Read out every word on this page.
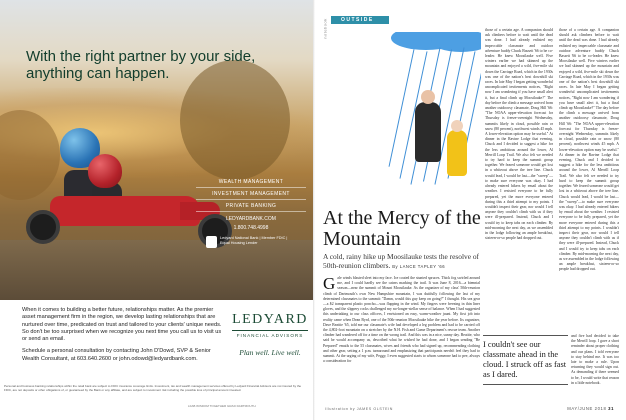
With the right partner by your side, anything can happen.
WEALTH MANAGEMENT
INVESTMENT MANAGEMENT
PRIVATE BANKING
LEDYARDBANK.COM
1.800.748.4998
Ledyard National Bank | Member FDIC | Equal Housing Lender

When it comes to building a better future, relationships matter. As the premier asset management firm in the region, we develop lasting relationships that are nurtured over time, predicated on trust and tailored to your clients' unique needs. So don't be too surprised when we recognize you next time you call us to visit us or send an email.

Schedule a personal consultation by contacting John D'Dowd, SVP & Senior Wealth Consultant, at 603.640.2600 or john.odowd@ledyardbank.com.

LEDYARD
FINANCIAL ADVISORS
Plan well. Live well.
Personal and business banking relationships within the retail bank are subject to FDIC insurance coverage limits. Investment, tax and wealth management services offered by Ledyard Financial Advisors are not insured by the FDIC, are not deposits or other obligations of, or guaranteed by the Bank or any affiliate, and are subject to investment risk including the possible loss of principal amount invested.
LFAB WISDOM TOGETHER GRAD DARTMOUTH
notebook	OUTSIDE
At the Mercy of the Mountain
A cold, rainy hike up Moosilauke tests the resolve of 50th-reunion climbers. By LANCE TAPLEY '66
Gale winds blasted sleet into my face. Ice coated the stunted spruces. Thick fog swirled around me, and I could hardly see the cairns marking the trail. It was June 8, 2016—a biennial season—near the summit of Mount Moosilauke. As the organizer of my class' 50th-reunion climb of Dartmouth's own New Hampshire mountain, I was dutifully following the last of my determined classmates to the summit: "Damn, would this guy keep on going?" I thought. His sea gear—a $2 transparent plastic poncho—was flapping in the wind. My fingers were freezing in thin liner gloves, and the slippery rocks challenged my no-longer-stellar sense of balance. When I had suggested this undertaking to our class officers, I envisioned an easy, warm-weather jaunt. My first job into reality came when Dean Byrd, one of the 50th-reunion Moosilauke hike the year before. Its organizer, Dave Beattie '65, told me our classmate's wife had developed a leg problem and had to be carried off the 4,802-foot mountain on a stretcher by the N.H. Fish and Game Department's rescue team. Another climber had wandered off for a time on the wrong trail. And this was in a nice, sunny day. Beattie, who said he would accompany us, described what he wished he had done, and I began sending "Be Prepared" emails to the 55 classmates, wives and friends who had signed up, recommending clothing and other gear, setting a 1 p.m. turnaround and emphasizing that participants needn't feel they had to summit. At the urging of my wife, Peggy, I even suggested starts to whom someone had to pee, always a consideration for
those of a certain age. A companion should ask climbers before to wait until the dead was done. I had already enlisted my impeccable classmate and outdoor adventure buddy Chuck Bassett '66 to be co-leader. He knew Moosilauke well. Five winters earlier we had skinned up the mountain and enjoyed a wild, five-mile ski down the Carriage Road, which in the 1930s was one of the nation's best downhill ski races. In late May I began getting wonderful uncomplicated invitements notices, "Right now I am wondering if you have small alert it, but a final climb up Moosilauke?" The day before the climb a message arrived from another outdoorsy classmate, Doug Hill '66: "The NOAA upper-elevation forecast for Thursday is freeze-overnight Wednesday, summits likely in cloud, possible rain or snow (80 percent), northwest winds 45 mph. A lower-elevation option may be useful." At dinner in the Ravine Lodge that evening, Chuck and I decided to suggest a hike for the less ambitious around the lower, Al Merrill Loop Trail. We also felt we needed to try hard to keep the summit group together. We feared someone would get lost in a whiteout above the tree line. Chuck would lead, I would be last—the "sweep"—to make sure everyone was okay. I had already entered hikers by email about the weather. I resisted everyone to be fully prepared, yet the more everyone entered during this a third attempt to my points. I wouldn't inspect their gear, nor would I tell anyone they couldn't climb with us if they were ill-prepared. Instead, Chuck and I would try to keep tabs on each climber. By mid-morning the next day, as we assembled in the lodge following an ample breakfast, sixteen-or-so people had dropped out.
those of a certain age. A companion should ask climbers before to wait until the dead was done. I had already enlisted my impeccable classmate and outdoor adventure buddy Chuck Bassett '66 to be co-leader. He knew Moosilauke well. Five winters earlier we had skinned up the mountain and enjoyed a wild, five-mile ski down the Carriage Road, which in the 1930s was one of the nation's best downhill ski races. In late May I began getting wonderful uncomplicated invitements notices, "Right now I am wondering if you have small alert it, but a final climb up Moosilauke?" The day before the climb a message arrived from another outdoorsy classmate, Doug Hill '66: "The NOAA upper-elevation forecast for Thursday is freeze-overnight Wednesday, summits likely in cloud, possible rain or snow (80 percent), northwest winds 45 mph. A lower-elevation option may be useful." At dinner in the Ravine Lodge that evening, Chuck and I decided to suggest a hike for the less ambitious around the lower, Al Merrill Loop Trail. We also felt we needed to try hard to keep the summit group together. We feared someone would get lost in a whiteout above the tree line. Chuck would lead, I would be last—the "sweep"—to make sure everyone was okay. I had already entered hikers by email about the weather. I resisted everyone to be fully prepared, yet the more everyone entered during this a third attempt to my points. I wouldn't inspect their gear, nor would I tell anyone they couldn't climb with us if they were ill-prepared. Instead, Chuck and I would try to keep tabs on each climber. By mid-morning the next day, as we assembled in the lodge following an ample breakfast, sixteen-or-so people had dropped out.
I couldn't see our classmate ahead in the cloud. I struck off as fast as I dared.
and five had decided to take the Merrill loop. I gave a short reminder about proper clothing and our plans. I told everyone to stay behind me. It was too late to make a rule. Upon returning they would sign out. As demanding if there seemed to be, I would write that reason in a little notebook.
Illustration by JAMES OLSTEIN	MAY/JUNE 2018 31
